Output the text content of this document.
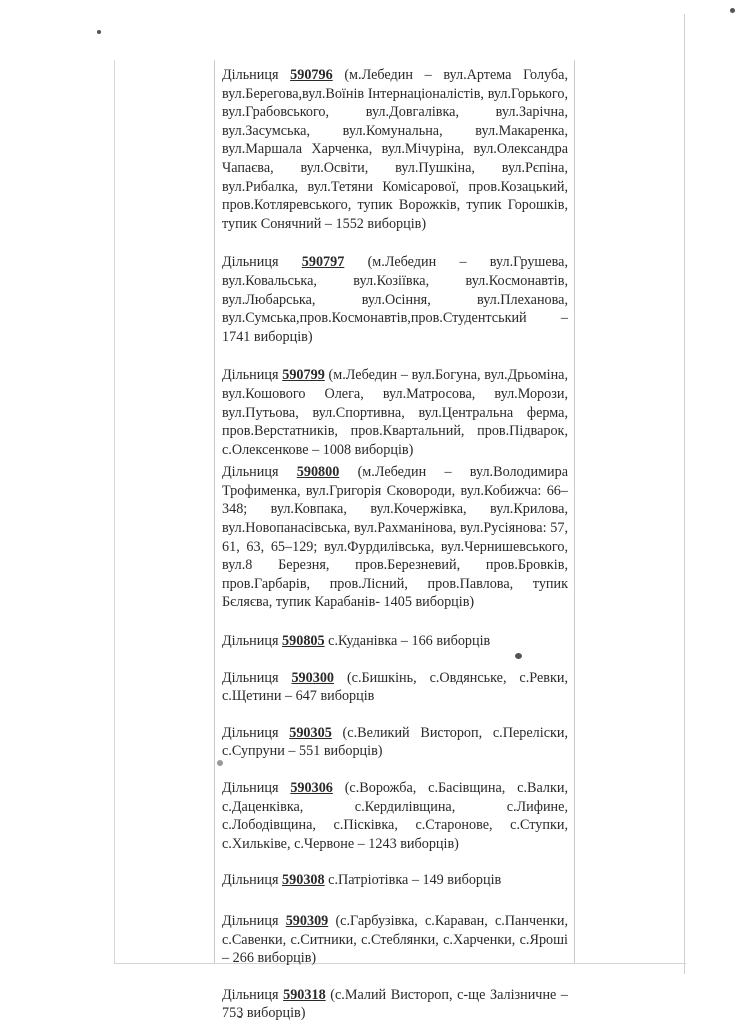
Дільниця 590796 (м.Лебедин – вул.Артема Голуба, вул.Берегова,вул.Воїнів Інтернаціоналістів, вул.Горького, вул.Грабовського, вул.Довгалівка, вул.Зарічна, вул.Засумська, вул.Комунальна, вул.Макаренка, вул.Маршала Харченка, вул.Мічуріна, вул.Олександра Чапаєва, вул.Освіти, вул.Пушкіна, вул.Рєпіна, вул.Рибалка, вул.Тетяни Комісарової, пров.Козацький, пров.Котляревського, тупик Ворожків, тупик Горошків, тупик Сонячний – 1552 виборців)

Дільниця 590797 (м.Лебедин – вул.Грушева, вул.Ковальська, вул.Козіївка, вул.Космонавтів, вул.Любарська, вул.Осіння, вул.Плеханова, вул.Сумська,пров.Космонавтів,пров.Студентський – 1741 виборців)

Дільниця 590799 (м.Лебедин – вул.Богуна, вул.Дрьоміна, вул.Кошового Олега, вул.Матросова, вул.Морози, вул.Путьова, вул.Спортивна, вул.Центральна ферма, пров.Верстатників, пров.Квартальний, пров.Підварок, с.Олексенкове – 1008 виборців)

Дільниця 590800 (м.Лебедин – вул.Володимира Трофименка, вул.Григорія Сковороди, вул.Кобижча: 66–348; вул.Ковпака, вул.Кочержівка, вул.Крилова, вул.Новопанасівська, вул.Рахманінова, вул.Русіянова: 57, 61, 63, 65–129; вул.Фурдилівська, вул.Чернишевського, вул.8 Березня, пров.Березневий, пров.Бровків, пров.Гарбарів, пров.Лісний, пров.Павлова, тупик Бєляєва, тупик Карабанів- 1405 виборців)

Дільниця 590805 с.Куданівка – 166 виборців

Дільниця 590300 (с.Бишкінь, с.Овдянське, с.Ревки, с.Щетини – 647 виборців

Дільниця 590305 (с.Великий Вистороп, с.Перелiски, с.Супруни – 551 виборців)

Дільниця 590306 (с.Ворожба, с.Басівщина, с.Валки, с.Даценківка, с.Кердилівщина, с.Лифине, с.Лободівщина, с.Пісківка, с.Старонове, с.Ступки, с.Хильківе, с.Червоне – 1243 виборців)

Дільниця 590308 с.Патріотівка – 149 виборців

Дільниця 590309 (с.Гарбузівка, с.Караван, с.Панченки, с.Савенки, с.Ситники, с.Стеблянки, с.Харченки, с.Яроші – 266 виборців)

Дільниця 590318 (с.Малий Вистороп, с-ще Залізничне – 753 виборців)
